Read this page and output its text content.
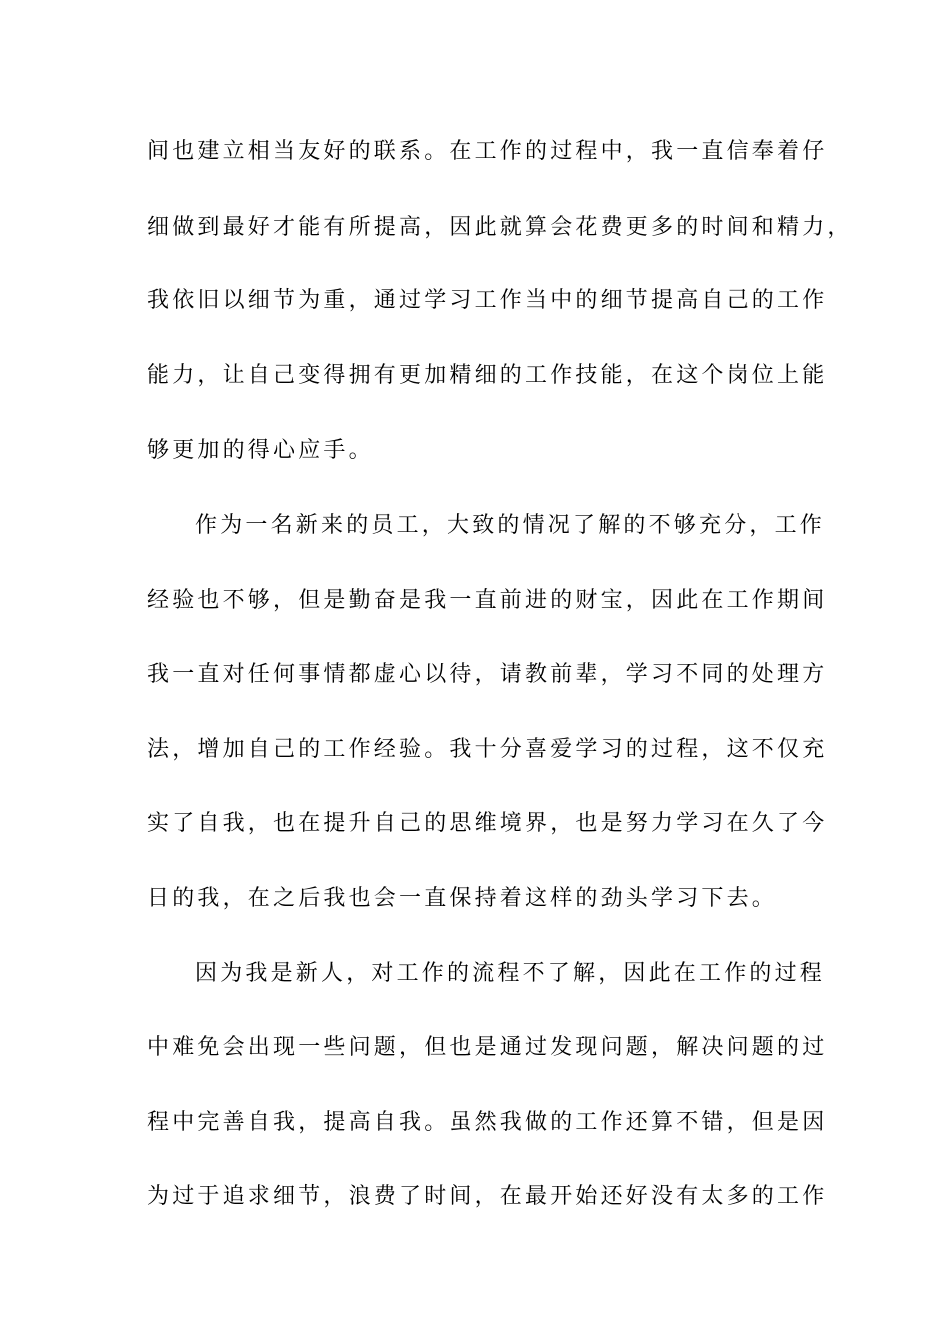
间也建立相当友好的联系。在工作的过程中，我一直信奉着仔
细做到最好才能有所提高，因此就算会花费更多的时间和精力，
我依旧以细节为重，通过学习工作当中的细节提高自己的工作
能力，让自己变得拥有更加精细的工作技能，在这个岗位上能
够更加的得心应手。
作为一名新来的员工，大致的情况了解的不够充分，工作
经验也不够，但是勤奋是我一直前进的财宝，因此在工作期间
我一直对任何事情都虚心以待，请教前辈，学习不同的处理方
法，增加自己的工作经验。我十分喜爱学习的过程，这不仅充
实了自我，也在提升自己的思维境界，也是努力学习在久了今
日的我，在之后我也会一直保持着这样的劲头学习下去。
因为我是新人，对工作的流程不了解，因此在工作的过程
中难免会出现一些问题，但也是通过发现问题，解决问题的过
程中完善自我，提高自我。虽然我做的工作还算不错，但是因
为过于追求细节，浪费了时间，在最开始还好没有太多的工作
